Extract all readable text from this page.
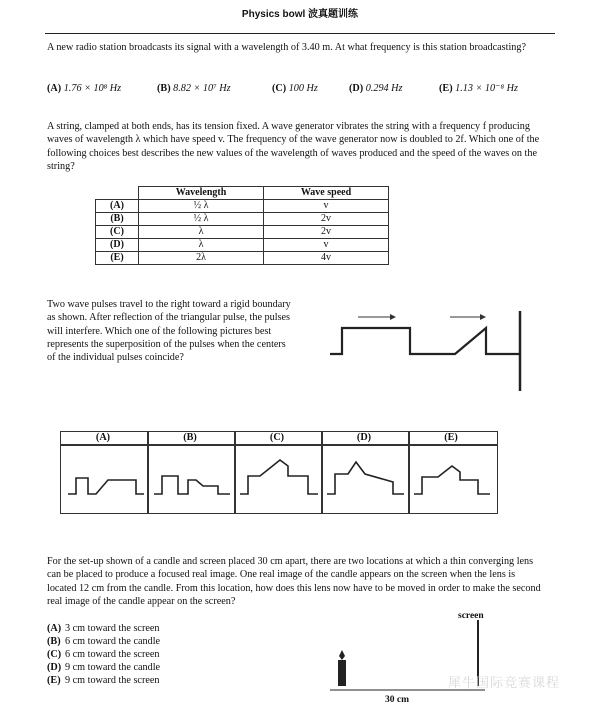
Physics bowl 波真题训练
A new radio station broadcasts its signal with a wavelength of 3.40 m. At what frequency is this station broadcasting?
(A) 1.76 × 10⁸ Hz	(B) 8.82 × 10⁷ Hz	(C) 100 Hz	(D) 0.294 Hz	(E) 1.13 × 10⁻⁸ Hz
A string, clamped at both ends, has its tension fixed. A wave generator vibrates the string with a frequency f producing waves of wavelength λ which have speed v. The frequency of the wave generator now is doubled to 2f. Which one of the following choices best describes the new values of the wavelength of waves produced and the speed of the waves on the string?
	Wavelength	Wave speed
(A)	½ λ	v
(B)	½ λ	2v
(C)	λ	2v
(D)	λ	v
(E)	2λ	4v
Two wave pulses travel to the right toward a rigid boundary as shown. After reflection of the triangular pulse, the pulses will interfere. Which one of the following pictures best represents the superposition of the pulses when the centers of the individual pulses coincide?
(A)	(B)	(C)	(D)	(E)
For the set-up shown of a candle and screen placed 30 cm apart, there are two locations at which a thin converging lens can be placed to produce a focused real image. One real image of the candle appears on the screen when the lens is located 12 cm from the candle. From this location, how does this lens now have to be moved in order to make the second real image of the candle appear on the screen?
(A) 3 cm toward the screen
(B) 6 cm toward the candle
(C) 6 cm toward the screen
(D) 9 cm toward the candle
(E) 9 cm toward the screen
screen
30 cm
犀牛国际竞赛课程
